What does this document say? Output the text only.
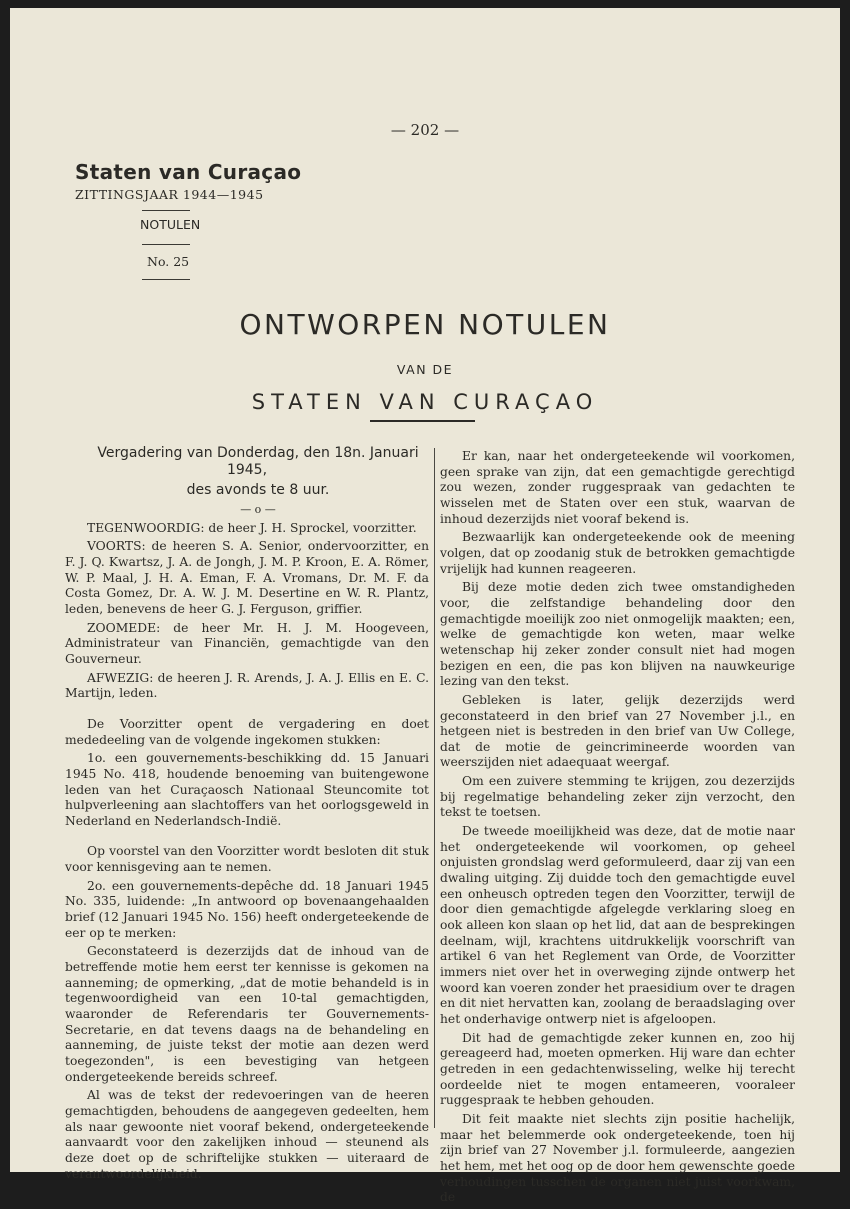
— 202 —
Staten van Curaçao
ZITTINGSJAAR 1944—1945
NOTULEN
No. 25
ONTWORPEN NOTULEN
VAN DE
STATEN VAN CURAÇAO

Vergadering van Donderdag, den 18n. Januari 1945,

des avonds te 8 uur.

— o —

TEGENWOORDIG: de heer J. H. Sprockel, voorzitter.

VOORTS: de heeren S. A. Senior, ondervoorzitter, en F. J. Q. Kwartsz, J. A. de Jongh, J. M. P. Kroon, E. A. Römer, W. P. Maal, J. H. A. Eman, F. A. Vromans, Dr. M. F. da Costa Gomez, Dr. A. W. J. M. Desertine en W. R. Plantz, leden, benevens de heer G. J. Ferguson, griffier.

ZOOMEDE: de heer Mr. H. J. M. Hoogeveen, Administrateur van Financiën, gemachtigde van den Gouverneur.

AFWEZIG: de heeren J. R. Arends, J. A. J. Ellis en E. C. Martijn, leden.

De Voorzitter opent de vergadering en doet mededeeling van de volgende ingekomen stukken:

1o. een gouvernements-beschikking dd. 15 Januari 1945 No. 418, houdende benoeming van buitengewone leden van het Curaçaosch Nationaal Steuncomite tot hulpverleening aan slachtoffers van het oorlogsgeweld in Nederland en Nederlandsch-Indië.

Op voorstel van den Voorzitter wordt besloten dit stuk voor kennisgeving aan te nemen.

2o. een gouvernements-depêche dd. 18 Januari 1945 No. 335, luidende: „In antwoord op bovenaangehaalden brief (12 Januari 1945 No. 156) heeft ondergeteekende de eer op te merken:

Geconstateerd is dezerzijds dat de inhoud van de betreffende motie hem eerst ter kennisse is gekomen na aanneming; de opmerking, „dat de motie behandeld is in tegenwoordigheid van een 10-tal gemachtigden, waaronder de Referendaris ter Gouvernements-Secretarie, en dat tevens daags na de behandeling en aanneming, de juiste tekst der motie aan dezen werd toegezonden", is een bevestiging van hetgeen ondergeteekende bereids schreef.

Al was de tekst der redevoeringen van de heeren gemachtigden, behoudens de aangegeven gedeelten, hem als naar gewoonte niet vooraf bekend, ondergeteekende aanvaardt voor den zakelijken inhoud — steunend als deze doet op de schriftelijke stukken — uiteraard de verantwoordelijkheid.

Er kan, naar het ondergeteekende wil voorkomen, geen sprake van zijn, dat een gemachtigde gerechtigd zou wezen, zonder ruggespraak van gedachten te wisselen met de Staten over een stuk, waarvan de inhoud dezerzijds niet vooraf bekend is.

Bezwaarlijk kan ondergeteekende ook de meening volgen, dat op zoodanig stuk de betrokken gemachtigde vrijelijk had kunnen reageeren.

Bij deze motie deden zich twee omstandigheden voor, die zelfstandige behandeling door den gemachtigde moeilijk zoo niet onmogelijk maakten; een, welke de gemachtigde kon weten, maar welke wetenschap hij zeker zonder consult niet had mogen bezigen en een, die pas kon blijven na nauwkeurige lezing van den tekst.

Gebleken is later, gelijk dezerzijds werd geconstateerd in den brief van 27 November j.l., en hetgeen niet is bestreden in den brief van Uw College, dat de motie de geincrimineerde woorden van weerszijden niet adaequaat weergaf.

Om een zuivere stemming te krijgen, zou dezerzijds bij regelmatige behandeling zeker zijn verzocht, den tekst te toetsen.

De tweede moeilijkheid was deze, dat de motie naar het ondergeteekende wil voorkomen, op geheel onjuisten grondslag werd geformuleerd, daar zij van een dwaling uitging. Zij duidde toch den gemachtigde euvel een onheusch optreden tegen den Voorzitter, terwijl de door dien gemachtigde afgelegde verklaring sloeg en ook alleen kon slaan op het lid, dat aan de besprekingen deelnam, wijl, krachtens uitdrukkelijk voorschrift van artikel 6 van het Reglement van Orde, de Voorzitter immers niet over het in overweging zijnde ontwerp het woord kan voeren zonder het praesidium over te dragen en dit niet hervatten kan, zoolang de beraadslaging over het onderhavige ontwerp niet is afgeloopen.

Dit had de gemachtigde zeker kunnen en, zoo hij gereageerd had, moeten opmerken. Hij ware dan echter getreden in een gedachtenwisseling, welke hij terecht oordeelde niet te mogen entameeren, vooraleer ruggespraak te hebben gehouden.

Dit feit maakte niet slechts zijn positie hachelijk, maar het belemmerde ook ondergeteekende, toen hij zijn brief van 27 November j.l. formuleerde, aangezien het hem, met het oog op de door hem gewenschte goede verhoudingen tusschen de organen niet juist voorkwam, de
